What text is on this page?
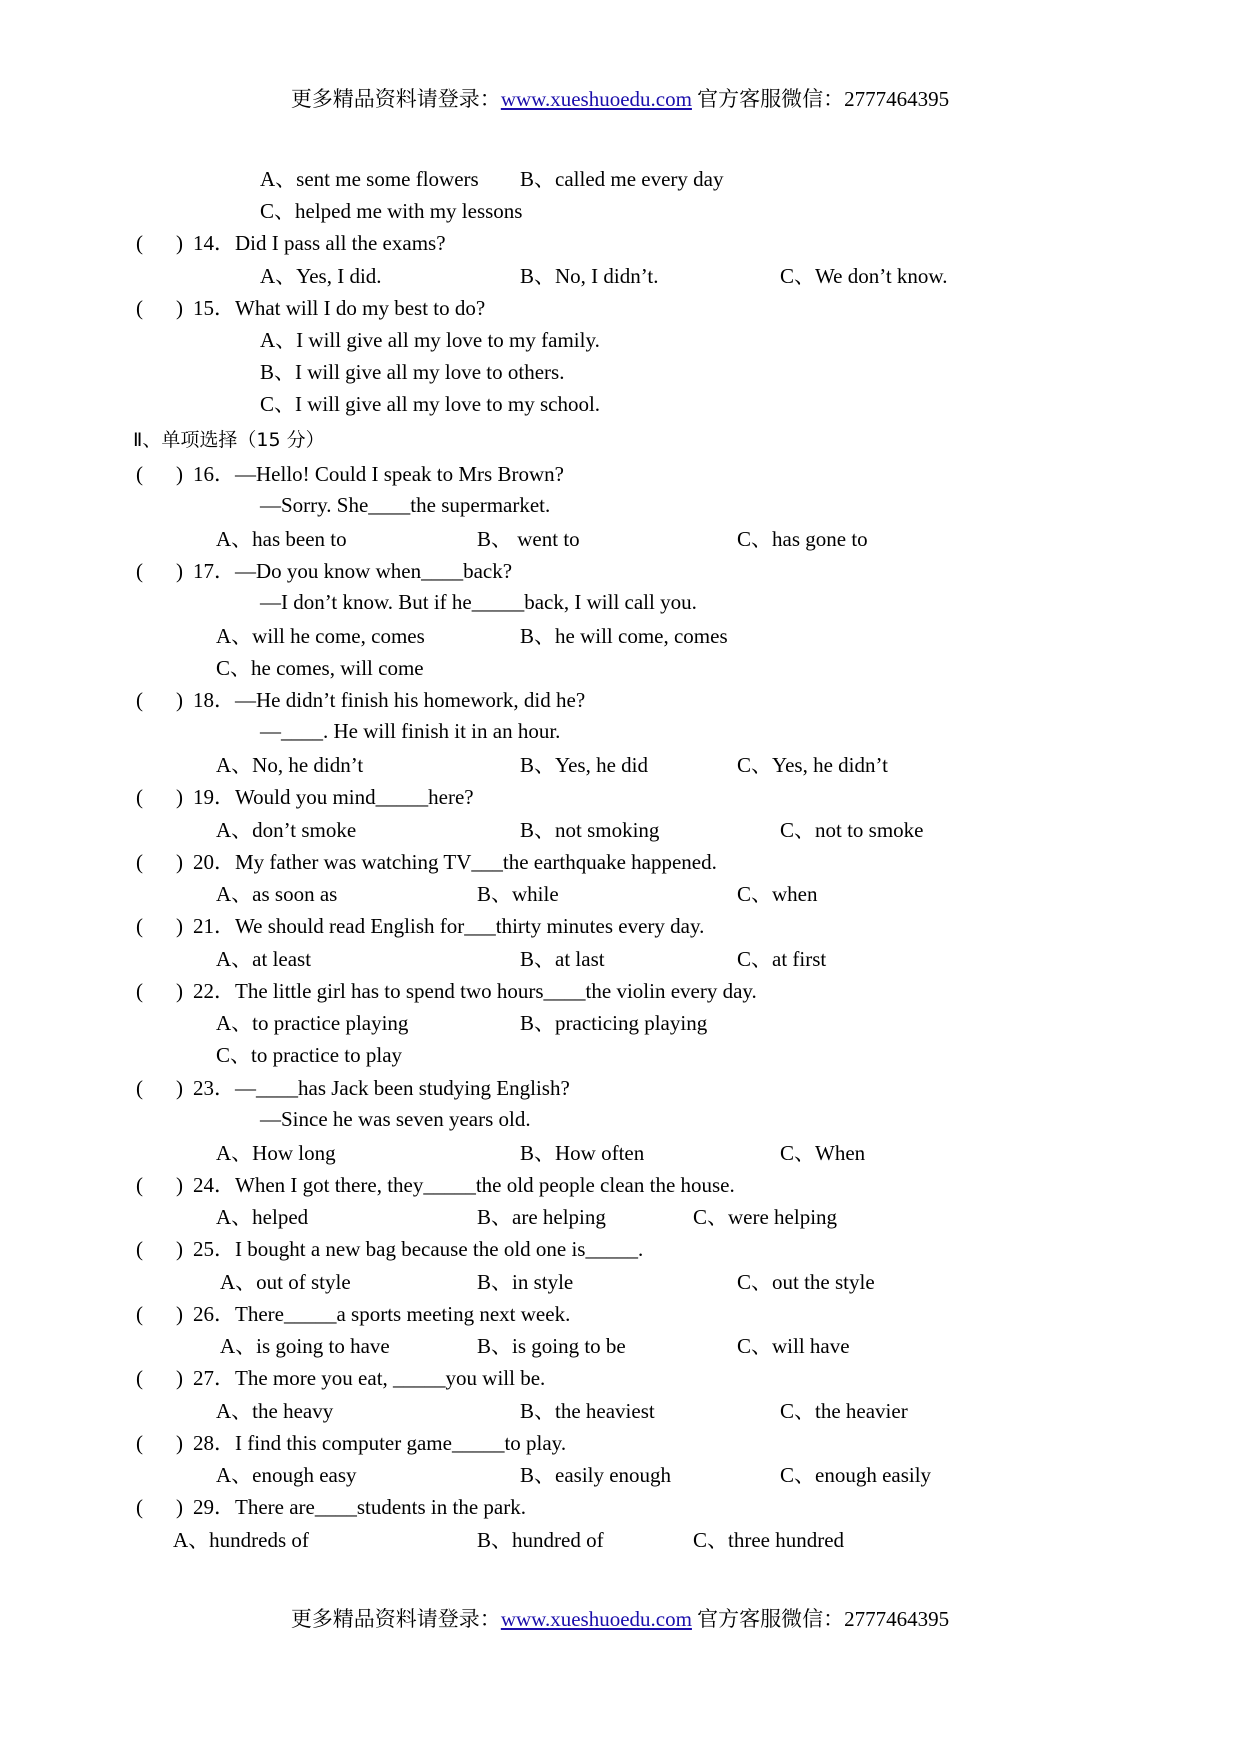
更多精品资料请登录：www.xueshuoedu.com 官方客服微信：2777464395
A、sent me some flowers B、called me every day
C、helped me with my lessons
( ) 14．Did I pass all the exams?
A、Yes, I did.	B、No, I didn’t.	C、We don’t know.
( ) 15．What will I do my best to do?
A、I will give all my love to my family.
B、I will give all my love to others.
C、I will give all my love to my school.
Ⅱ、单项选择（15 分）
( ) 16．―Hello! Could I speak to Mrs Brown?
―Sorry. She____the supermarket.
A、has been to	B、 went to	C、has gone to
( ) 17．―Do you know when____back?
―I don’t know. But if he_____back, I will call you.
A、will he come, comes	B、he will come, comes
C、he comes, will come
( ) 18．―He didn’t finish his homework, did he?
―____. He will finish it in an hour.
A、No, he didn’t	B、Yes, he did	C、Yes, he didn’t
( ) 19．Would you mind_____here?
A、don’t smoke	B、not smoking	C、not to smoke
( ) 20．My father was watching TV___the earthquake happened.
A、as soon as	B、while	C、when
( ) 21．We should read English for___thirty minutes every day.
A、at least	B、at last	C、at first
( ) 22．The little girl has to spend two hours____the violin every day.
A、to practice playing	B、practicing playing
C、to practice to play
( ) 23．―____has Jack been studying English?
―Since he was seven years old.
A、How long	B、How often	C、When
( ) 24．When I got there, they_____the old people clean the house.
A、helped	B、are helping	C、were helping
( ) 25．I bought a new bag because the old one is_____.
A、out of style	B、in style	C、out the style
( ) 26．There_____a sports meeting next week.
A、is going to have	B、is going to be	C、will have
( ) 27．The more you eat, _____you will be.
A、the heavy	B、the heaviest	C、the heavier
( ) 28．I find this computer game_____to play.
A、enough easy	B、easily enough	C、enough easily
( ) 29．There are____students in the park.
A、hundreds of	B、hundred of	C、three hundred
更多精品资料请登录：www.xueshuoedu.com 官方客服微信：2777464395
